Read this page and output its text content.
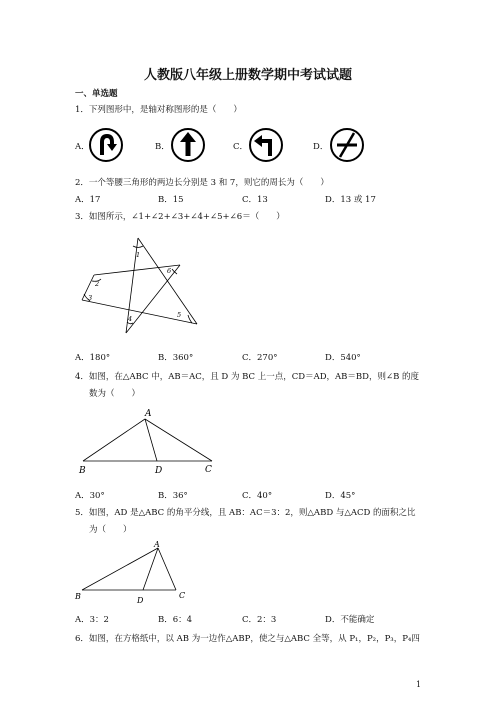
人教版八年级上册数学期中考试试题
一、单选题
1．下列图形中，是轴对称图形的是（　　）
A．	B．	C．	D．
2．一个等腰三角形的两边长分别是 3 和 7，则它的周长为（　　）
A．17	B．15	C．13	D．13 或 17
3．如图所示，∠1+∠2+∠3+∠4+∠5+∠6＝（　　）
1
2
3
4	5
6
A．180°	B．360°	C．270°	D．540°
4．如图，在△ABC 中，AB＝AC，且 D 为 BC 上一点，CD＝AD，AB＝BD，则∠B 的度
数为（　　）
A
B	D	C
A．30°	B．36°	C．40°	D．45°
5．如图，AD 是△ABC 的角平分线，且 AB：AC＝3：2，则△ABD 与△ACD 的面积之比
为（　　）
A
B	D
C
A．3：2	B．6：4	C．2：3	D．不能确定
6．如图，在方格纸中，以 AB 为一边作△ABP，使之与△ABC 全等，从 P₁，P₂，P₃，P₄四
1
